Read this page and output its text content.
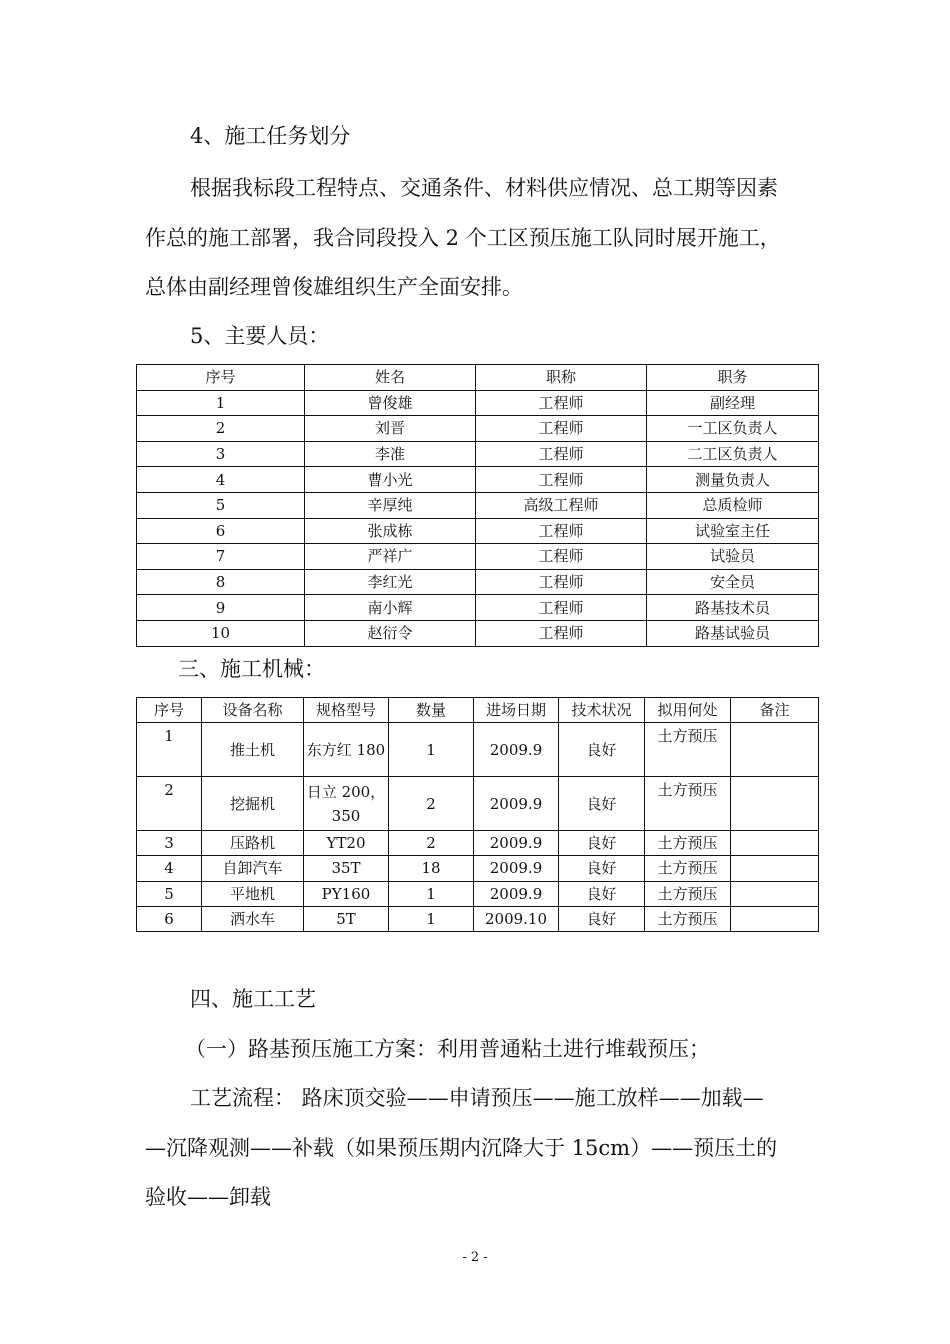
4、施工任务划分
根据我标段工程特点、交通条件、材料供应情况、总工期等因素
作总的施工部署，我合同段投入 2 个工区预压施工队同时展开施工，
总体由副经理曾俊雄组织生产全面安排。
5、主要人员：
序号	姓名	职称	职务
1	曾俊雄	工程师	副经理
2	刘晋	工程师	一工区负责人
3	李准	工程师	二工区负责人
4	曹小光	工程师	测量负责人
5	辛厚纯	高级工程师	总质检师
6	张成栋	工程师	试验室主任
7	严祥广	工程师	试验员
8	李红光	工程师	安全员
9	南小辉	工程师	路基技术员
10	赵衍令	工程师	路基试验员
三、施工机械：
序号	设备名称	规格型号	数量	进场日期	技术状况	拟用何处	备注
1	推土机	东方红 180	1	2009.9	良好	土方预压	
2	挖掘机	日立 200，350	2	2009.9	良好	土方预压	
3	压路机	YT20	2	2009.9	良好	土方预压	
4	自卸汽车	35T	18	2009.9	良好	土方预压	
5	平地机	PY160	1	2009.9	良好	土方预压	
6	洒水车	5T	1	2009.10	良好	土方预压	
四、施工工艺
（一）路基预压施工方案：利用普通粘土进行堆载预压；
工艺流程： 路床顶交验——申请预压——施工放样——加载—
—沉降观测——补载（如果预压期内沉降大于 15cm）——预压土的
验收——卸载
- 2 -
